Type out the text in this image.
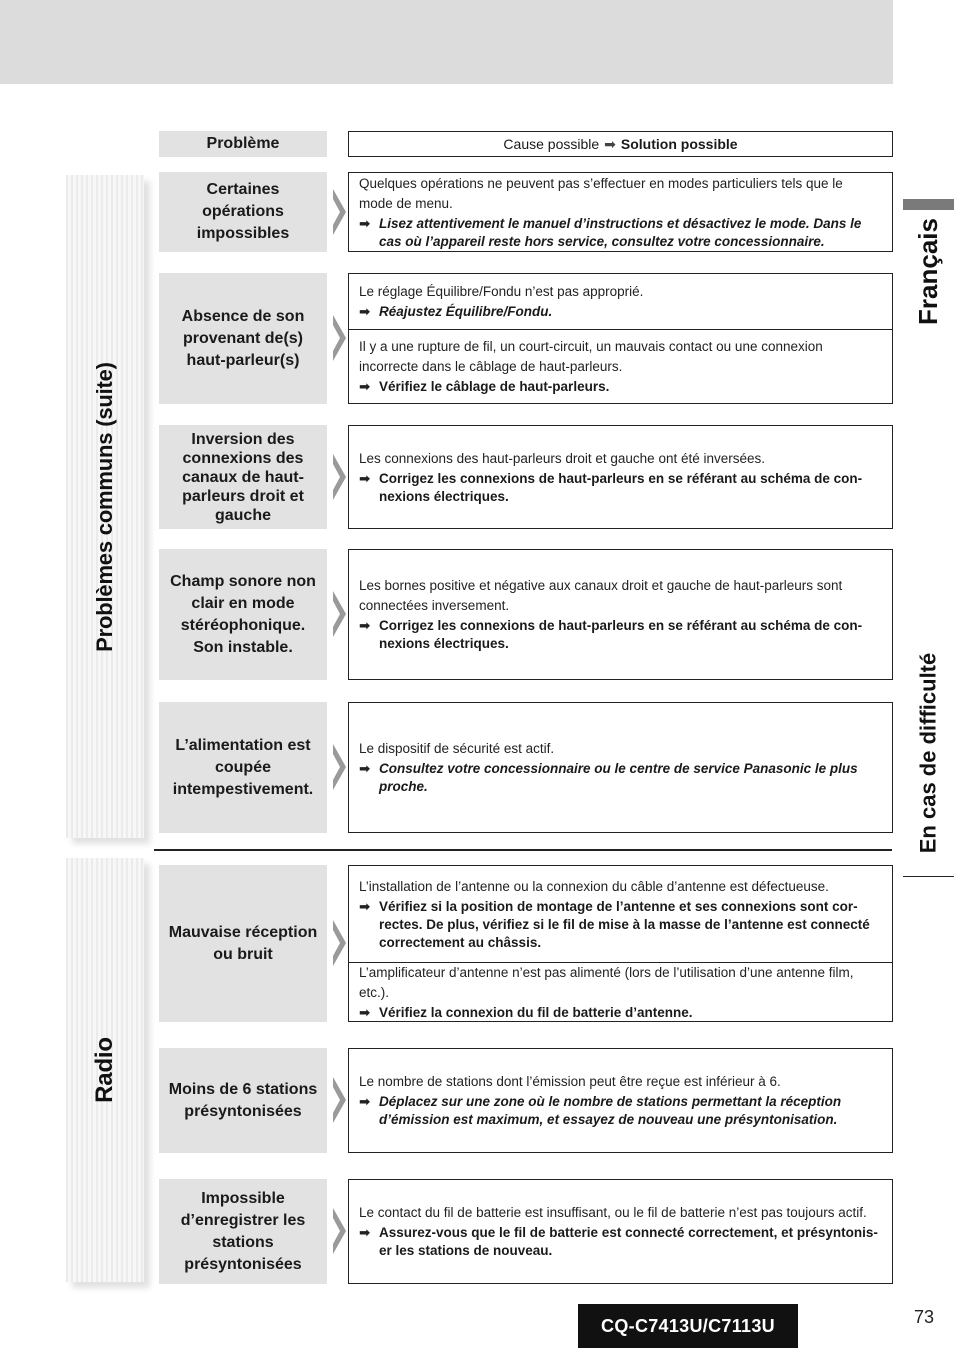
Problèmes communs (suite)
Radio
Problème	Cause possible ➡ Solution possible
Certaines opérations impossibles
Quelques opérations ne peuvent pas s’effectuer en modes particuliers tels que le mode de menu.
➡ Lisez attentivement le manuel d’instructions et désactivez le mode. Dans le cas où l’appareil reste hors service, consultez votre concessionnaire.
Absence de son provenant de(s) haut-parleur(s)
Le réglage Équilibre/Fondu n’est pas approprié.
➡ Réajustez Équilibre/Fondu.
Il y a une rupture de fil, un court-circuit, un mauvais contact ou une connexion incorrecte dans le câblage de haut-parleurs.
➡ Vérifiez le câblage de haut-parleurs.
Inversion des connexions des canaux de haut-parleurs droit et gauche
Les connexions des haut-parleurs droit et gauche ont été inversées.
➡ Corrigez les connexions de haut-parleurs en se référant au schéma de con-nexions électriques.
Champ sonore non clair en mode stéréophonique. Son instable.
Les bornes positive et négative aux canaux droit et gauche de haut-parleurs sont connectées inversement.
➡ Corrigez les connexions de haut-parleurs en se référant au schéma de con-nexions électriques.
L’alimentation est coupée intempestivement.
Le dispositif de sécurité est actif.
➡ Consultez votre concessionnaire ou le centre de service Panasonic le plus proche.
Mauvaise réception ou bruit
L’installation de l’antenne ou la connexion du câble d’antenne est défectueuse.
➡ Vérifiez si la position de montage de l’antenne et ses connexions sont cor-rectes. De plus, vérifiez si le fil de mise à la masse de l’antenne est connecté correctement au châssis.
L’amplificateur d’antenne n’est pas alimenté (lors de l’utilisation d’une antenne film, etc.).
➡ Vérifiez la connexion du fil de batterie d’antenne.
Moins de 6 stations présyntonisées
Le nombre de stations dont l’émission peut être reçue est inférieur à 6.
➡ Déplacez sur une zone où le nombre de stations permettant la réception d’émission est maximum, et essayez de nouveau une présyntonisation.
Impossible d’enregistrer les stations présyntonisées
Le contact du fil de batterie est insuffisant, ou le fil de batterie n’est pas toujours actif.
➡ Assurez-vous que le fil de batterie est connecté correctement, et présyntonis-er les stations de nouveau.
Français
En cas de difficulté
CQ-C7413U/C7113U	73
